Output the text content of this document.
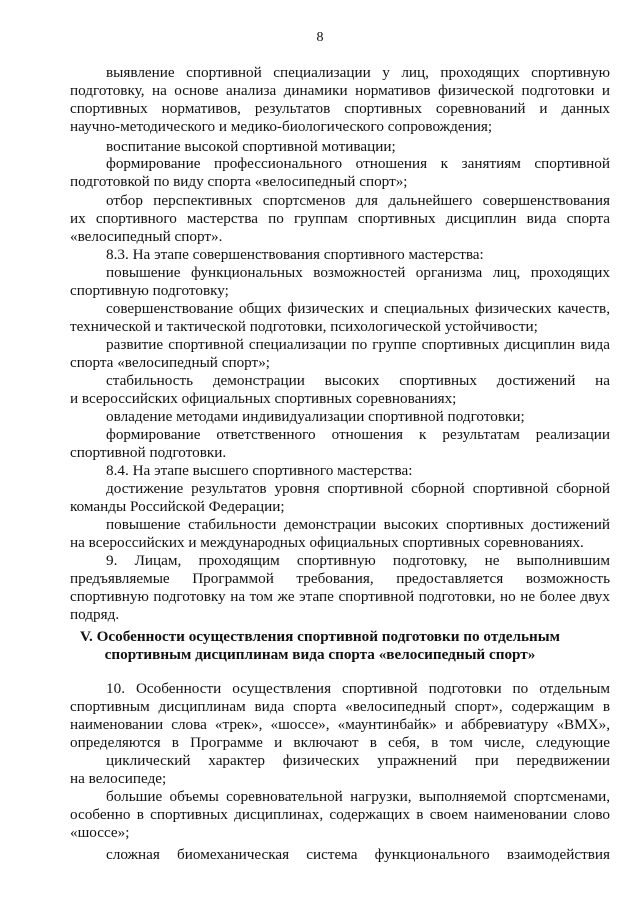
8
выявление спортивной специализации у лиц, проходящих спортивную
подготовку, на основе анализа динамики нормативов физической подготовки и
спортивных нормативов, результатов спортивных соревнований и данных
научно-методического и медико-биологического сопровождения;
воспитание высокой спортивной мотивации;
формирование профессионального отношения к занятиям спортивной
подготовкой по виду спорта «велосипедный спорт»;
отбор перспективных спортсменов для дальнейшего совершенствования
их спортивного мастерства по группам спортивных дисциплин вида спорта
«велосипедный спорт».
8.3. На этапе совершенствования спортивного мастерства:
повышение функциональных возможностей организма лиц, проходящих
спортивную подготовку;
совершенствование общих физических и специальных физических качеств,
технической и тактической подготовки, психологической устойчивости;
развитие спортивной специализации по группе спортивных дисциплин вида
спорта «велосипедный спорт»;
стабильность демонстрации высоких спортивных достижений на
и всероссийских официальных спортивных соревнованиях;
овладение методами индивидуализации спортивной подготовки;
формирование ответственного отношения к результатам реализации
спортивной подготовки.
8.4. На этапе высшего спортивного мастерства:
достижение результатов уровня спортивной сборной спортивной сборной
команды Российской Федерации;
повышение стабильности демонстрации высоких спортивных достижений
на всероссийских и международных официальных спортивных соревнованиях.
9. Лицам, проходящим спортивную подготовку, не выполнившим
предъявляемые Программой требования, предоставляется возможность
спортивную подготовку на том же этапе спортивной подготовки, но не более двух
подряд.
V. Особенности осуществления спортивной подготовки по отдельным
спортивным дисциплинам вида спорта «велосипедный спорт»
10. Особенности осуществления спортивной подготовки по отдельным
спортивным дисциплинам вида спорта «велосипедный спорт», содержащим в
наименовании слова «трек», «шоссе», «маунтинбайк» и аббревиатуру «BMX»,
определяются в Программе и включают в себя, в том числе, следующие
циклический характер физических упражнений при передвижении
на велосипеде;
большие объемы соревновательной нагрузки, выполняемой спортсменами,
особенно в спортивных дисциплинах, содержащих в своем наименовании слово
«шоссе»;
сложная биомеханическая система функционального взаимодействия
